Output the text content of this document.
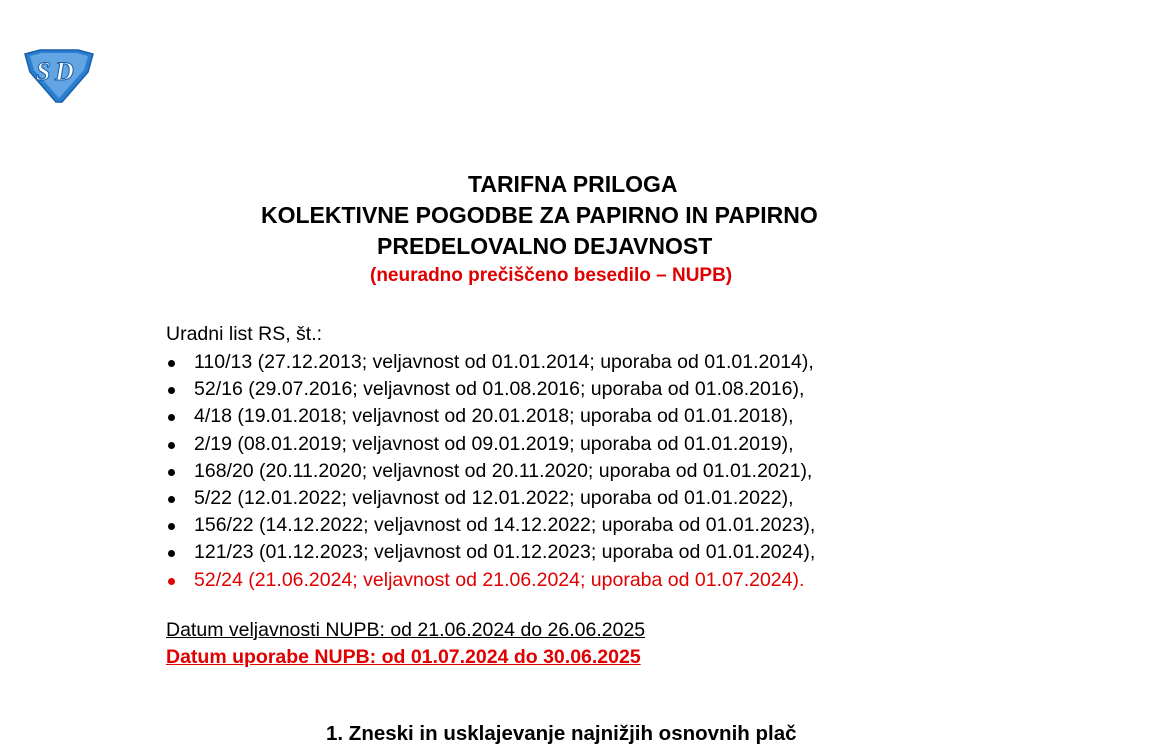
S D
TARIFNA PRILOGA
KOLEKTIVNE POGODBE ZA PAPIRNO IN PAPIRNO
PREDELOVALNO DEJAVNOST
(neuradno prečiščeno besedilo – NUPB)
Uradni list RS, št.:
110/13 (27.12.2013; veljavnost od 01.01.2014; uporaba od 01.01.2014),
52/16 (29.07.2016; veljavnost od 01.08.2016; uporaba od 01.08.2016),
4/18 (19.01.2018; veljavnost od 20.01.2018; uporaba od 01.01.2018),
2/19 (08.01.2019; veljavnost od 09.01.2019; uporaba od 01.01.2019),
168/20 (20.11.2020; veljavnost od 20.11.2020; uporaba od 01.01.2021),
5/22 (12.01.2022; veljavnost od 12.01.2022; uporaba od 01.01.2022),
156/22 (14.12.2022; veljavnost od 14.12.2022; uporaba od 01.01.2023),
121/23 (01.12.2023; veljavnost od 01.12.2023; uporaba od 01.01.2024),
52/24 (21.06.2024; veljavnost od 21.06.2024; uporaba od 01.07.2024).
Datum veljavnosti NUPB: od 21.06.2024 do 26.06.2025
Datum uporabe NUPB: od 01.07.2024 do 30.06.2025
1. Zneski in usklajevanje najnižjih osnovnih plač
